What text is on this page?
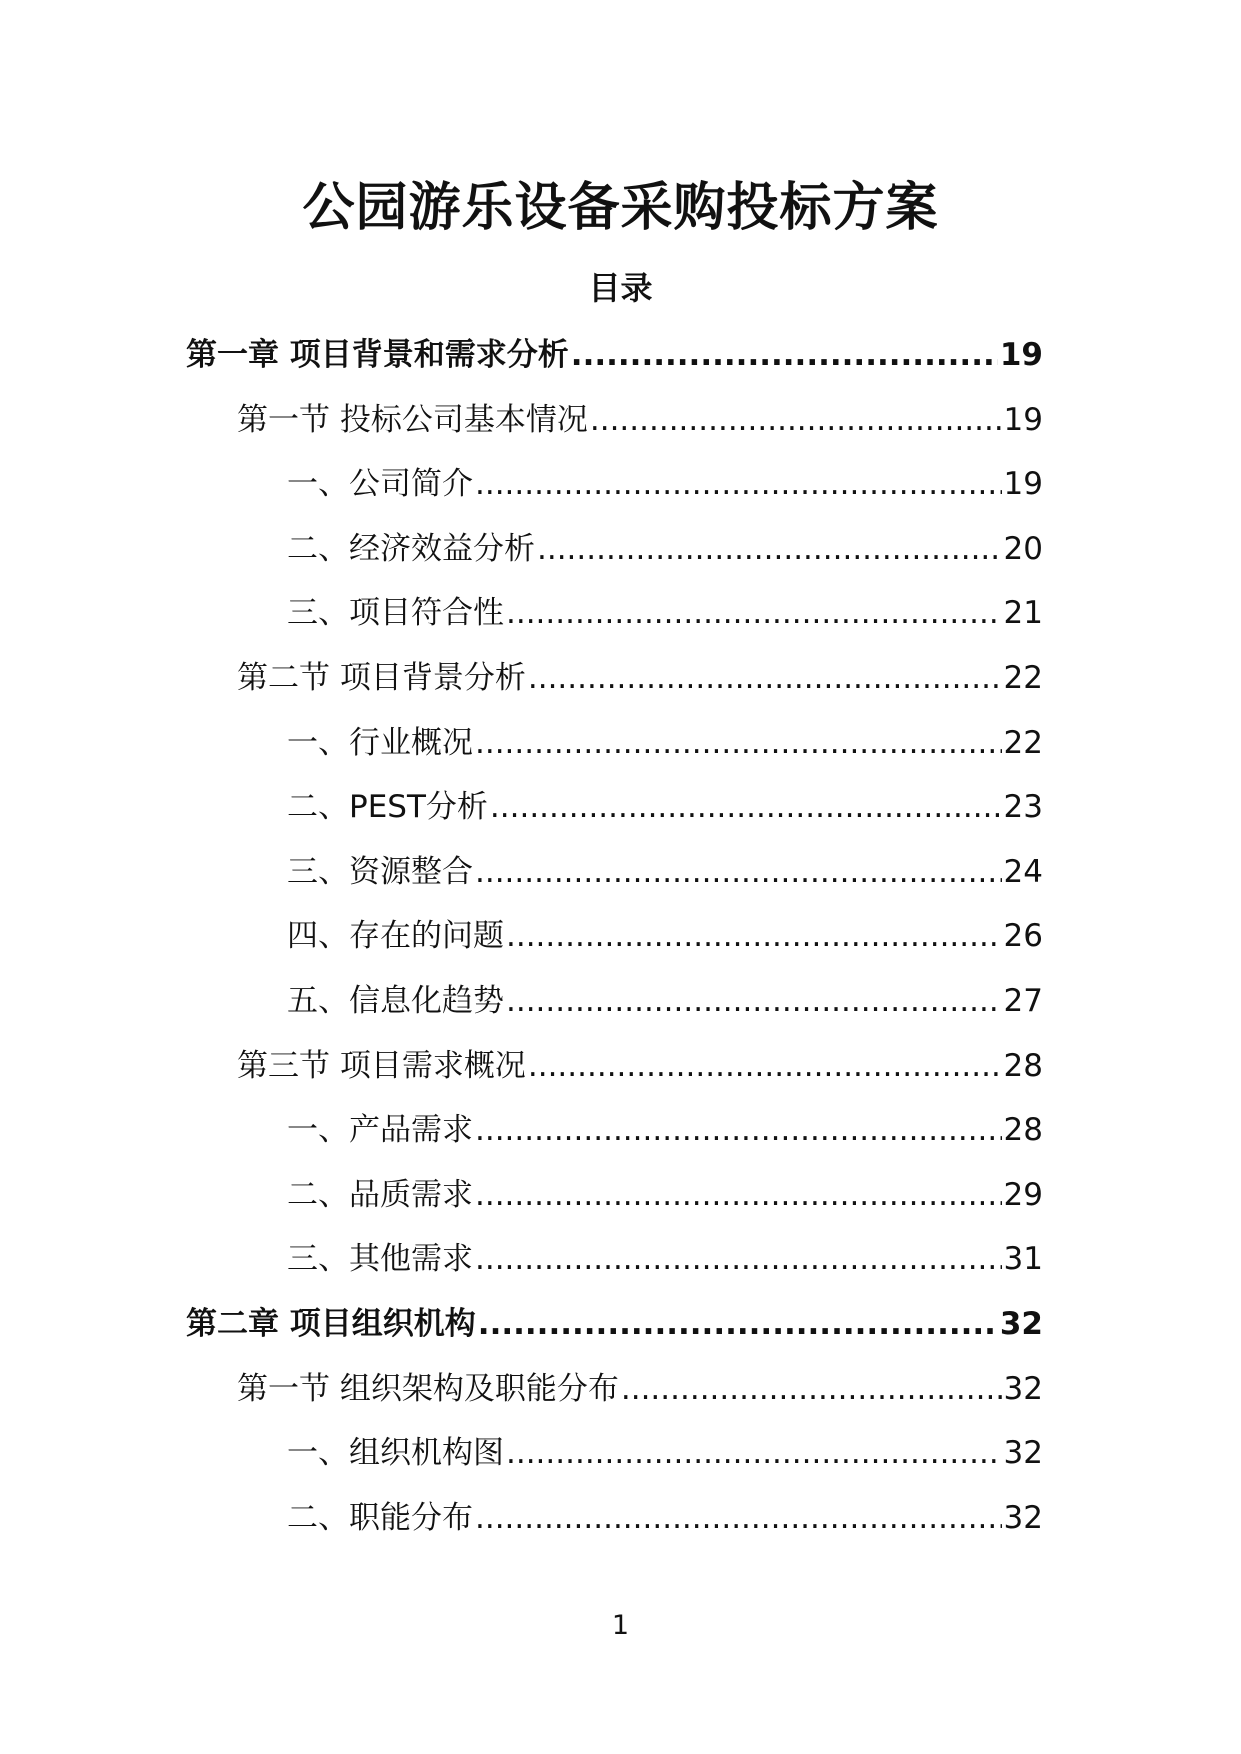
公园游乐设备采购投标方案
目录
第一章 项目背景和需求分析 .....	19
第一节 投标公司基本情况 .....	19
一、公司简介 .....	19
二、经济效益分析 .....	20
三、项目符合性 .....	21
第二节 项目背景分析 .....	22
一、行业概况 .....	22
二、PEST分析 .....	23
三、资源整合 .....	24
四、存在的问题 .....	26
五、信息化趋势 .....	27
第三节 项目需求概况 .....	28
一、产品需求 .....	28
二、品质需求 .....	29
三、其他需求 .....	31
第二章 项目组织机构 .....	32
第一节 组织架构及职能分布 .....	32
一、组织机构图 .....	32
二、职能分布 .....	32
1
